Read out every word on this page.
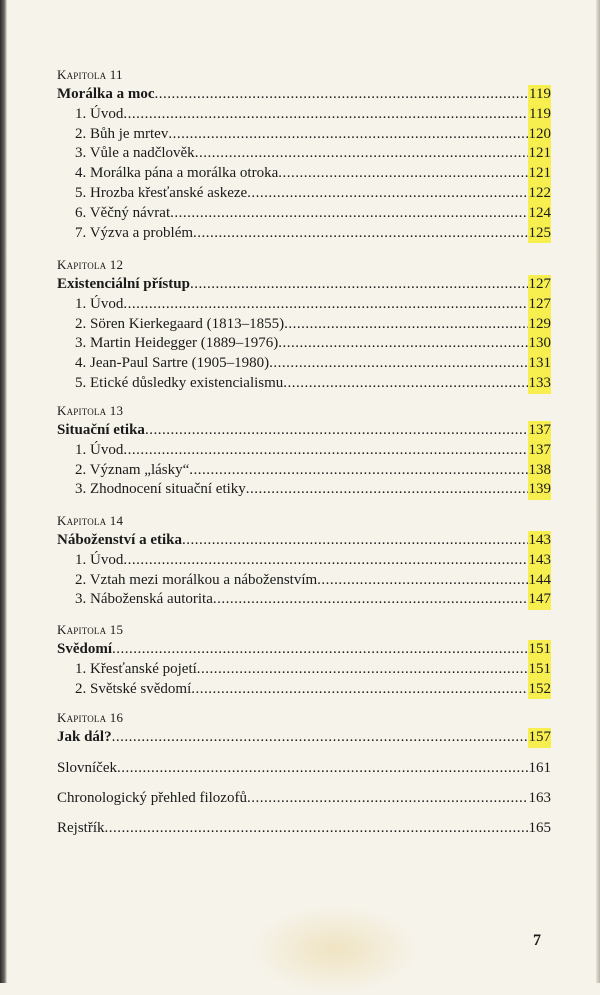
Kapitola 11
Morálka a moc .....	119
1. Úvod .....	119
2. Bůh je mrtev .....	120
3. Vůle a nadčlověk .....	121
4. Morálka pána a morálka otroka .....	121
5. Hrozba křesťanské askeze .....	122
6. Věčný návrat .....	124
7. Výzva a problém .....	125
Kapitola 12
Existenciální přístup .....	127
1. Úvod .....	127
2. Sören Kierkegaard (1813–1855) .....	129
3. Martin Heidegger (1889–1976) .....	130
4. Jean-Paul Sartre (1905–1980) .....	131
5. Etické důsledky existencialismu .....	133
Kapitola 13
Situační etika .....	137
1. Úvod .....	137
2. Význam „lásky“ .....	138
3. Zhodnocení situační etiky .....	139
Kapitola 14
Náboženství a etika .....	143
1. Úvod .....	143
2. Vztah mezi morálkou a náboženstvím .....	144
3. Náboženská autorita .....	147
Kapitola 15
Svědomí .....	151
1. Křesťanské pojetí .....	151
2. Světské svědomí .....	152
Kapitola 16
Jak dál? .....	157
Slovníček .....	161
Chronologický přehled filozofů .....	163
Rejstřík .....	165
7
